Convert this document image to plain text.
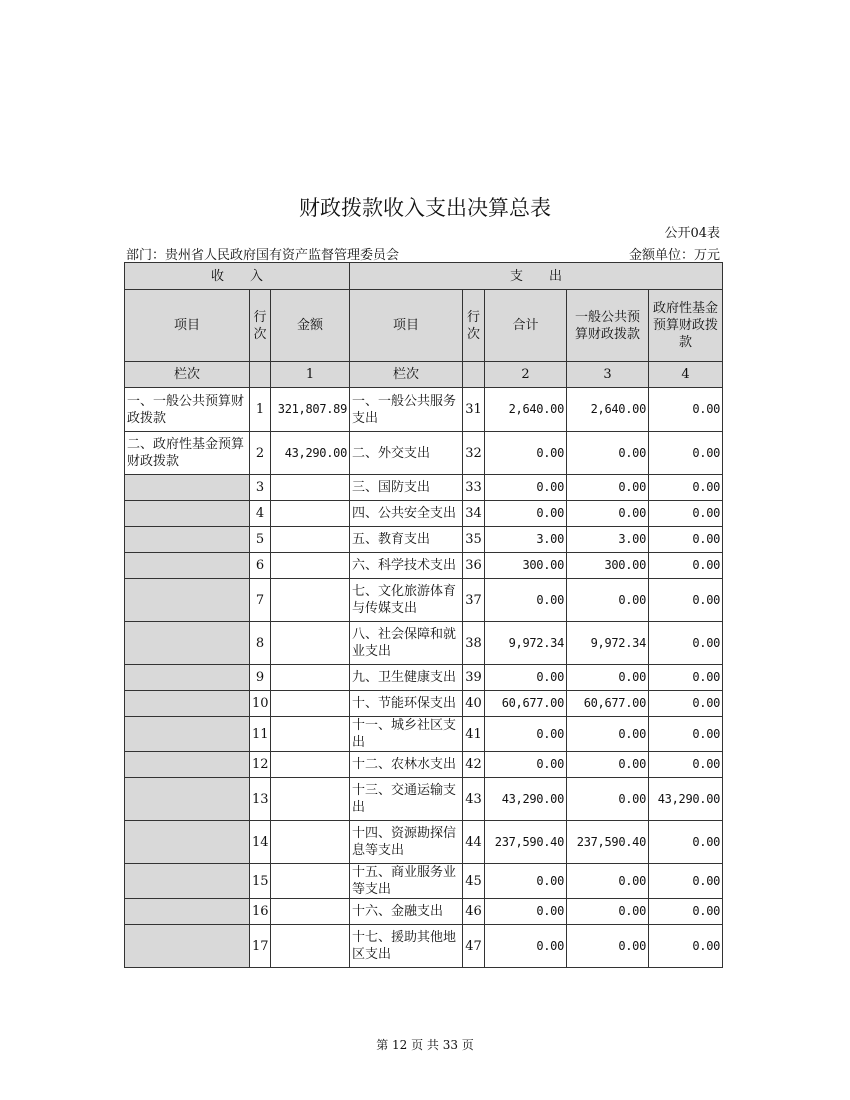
财政拨款收入支出决算总表
公开04表
部门：贵州省人民政府国有资产监督管理委员会	金额单位：万元
收　　入			支　　出				
项目	行次	金额	项目	行次	合计	一般公共预算财政拨款	政府性基金预算财政拨款
栏次		1	栏次		2	3	4
一、一般公共预算财政拨款	1	321,807.89	一、一般公共服务支出	31	2,640.00	2,640.00	0.00
二、政府性基金预算财政拨款	2	43,290.00	二、外交支出	32	0.00	0.00	0.00
	3		三、国防支出	33	0.00	0.00	0.00
	4		四、公共安全支出	34	0.00	0.00	0.00
	5		五、教育支出	35	3.00	3.00	0.00
	6		六、科学技术支出	36	300.00	300.00	0.00
	7		七、文化旅游体育与传媒支出	37	0.00	0.00	0.00
	8		八、社会保障和就业支出	38	9,972.34	9,972.34	0.00
	9		九、卫生健康支出	39	0.00	0.00	0.00
	10		十、节能环保支出	40	60,677.00	60,677.00	0.00
	11		十一、城乡社区支出	41	0.00	0.00	0.00
	12		十二、农林水支出	42	0.00	0.00	0.00
	13		十三、交通运输支出	43	43,290.00	0.00	43,290.00
	14		十四、资源勘探信息等支出	44	237,590.40	237,590.40	0.00
	15		十五、商业服务业等支出	45	0.00	0.00	0.00
	16		十六、金融支出	46	0.00	0.00	0.00
	17		十七、援助其他地区支出	47	0.00	0.00	0.00
第 12 页 共 33 页
